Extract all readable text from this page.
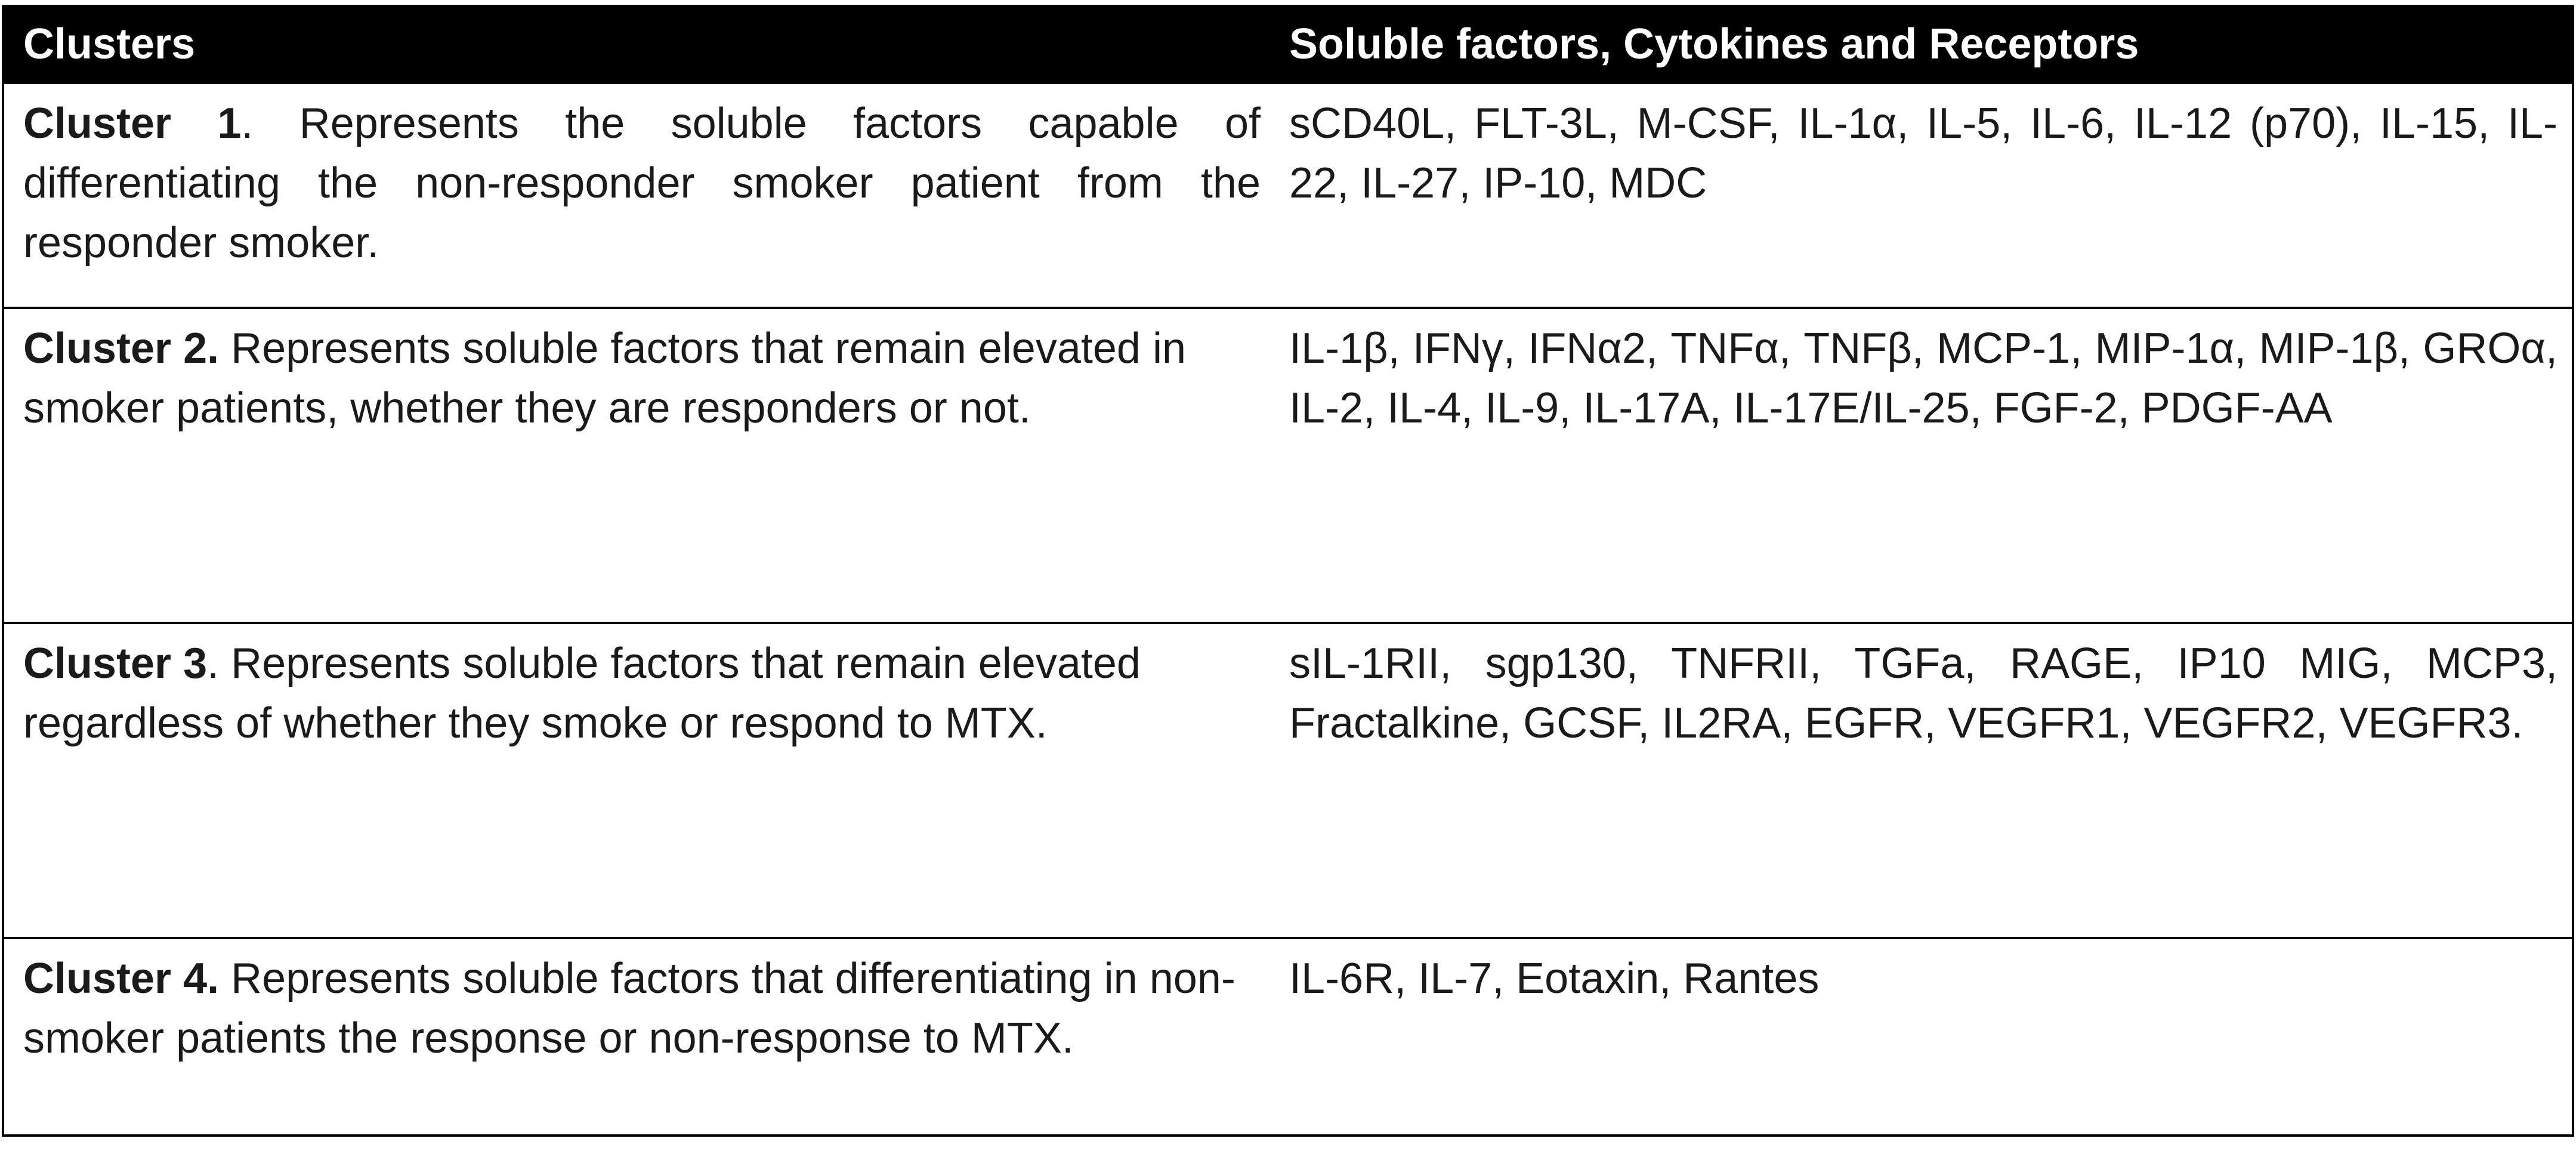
Clusters	Soluble factors, Cytokines and Receptors
Cluster 1. Represents the soluble factors capable of differentiating the non-responder smoker patient from the responder smoker.
sCD40L, FLT-3L, M-CSF, IL-1α, IL-5, IL-6, IL-12 (p70), IL-15, IL-22, IL-27, IP-10, MDC
Cluster 2. Represents soluble factors that remain elevated in smoker patients, whether they are responders or not.
IL-1β, IFNγ, IFNα2, TNFα, TNFβ, MCP-1, MIP-1α, MIP-1β, GROα, IL-2, IL-4, IL-9, IL-17A, IL-17E/IL-25, FGF-2, PDGF-AA
Cluster 3. Represents soluble factors that remain elevated regardless of whether they smoke or respond to MTX.
sIL-1RII, sgp130, TNFRII, TGFa, RAGE, IP10 MIG, MCP3, Fractalkine, GCSF, IL2RA, EGFR, VEGFR1, VEGFR2, VEGFR3.
Cluster 4. Represents soluble factors that differentiating in non-smoker patients the response or non-response to MTX.
IL-6R, IL-7, Eotaxin, Rantes
